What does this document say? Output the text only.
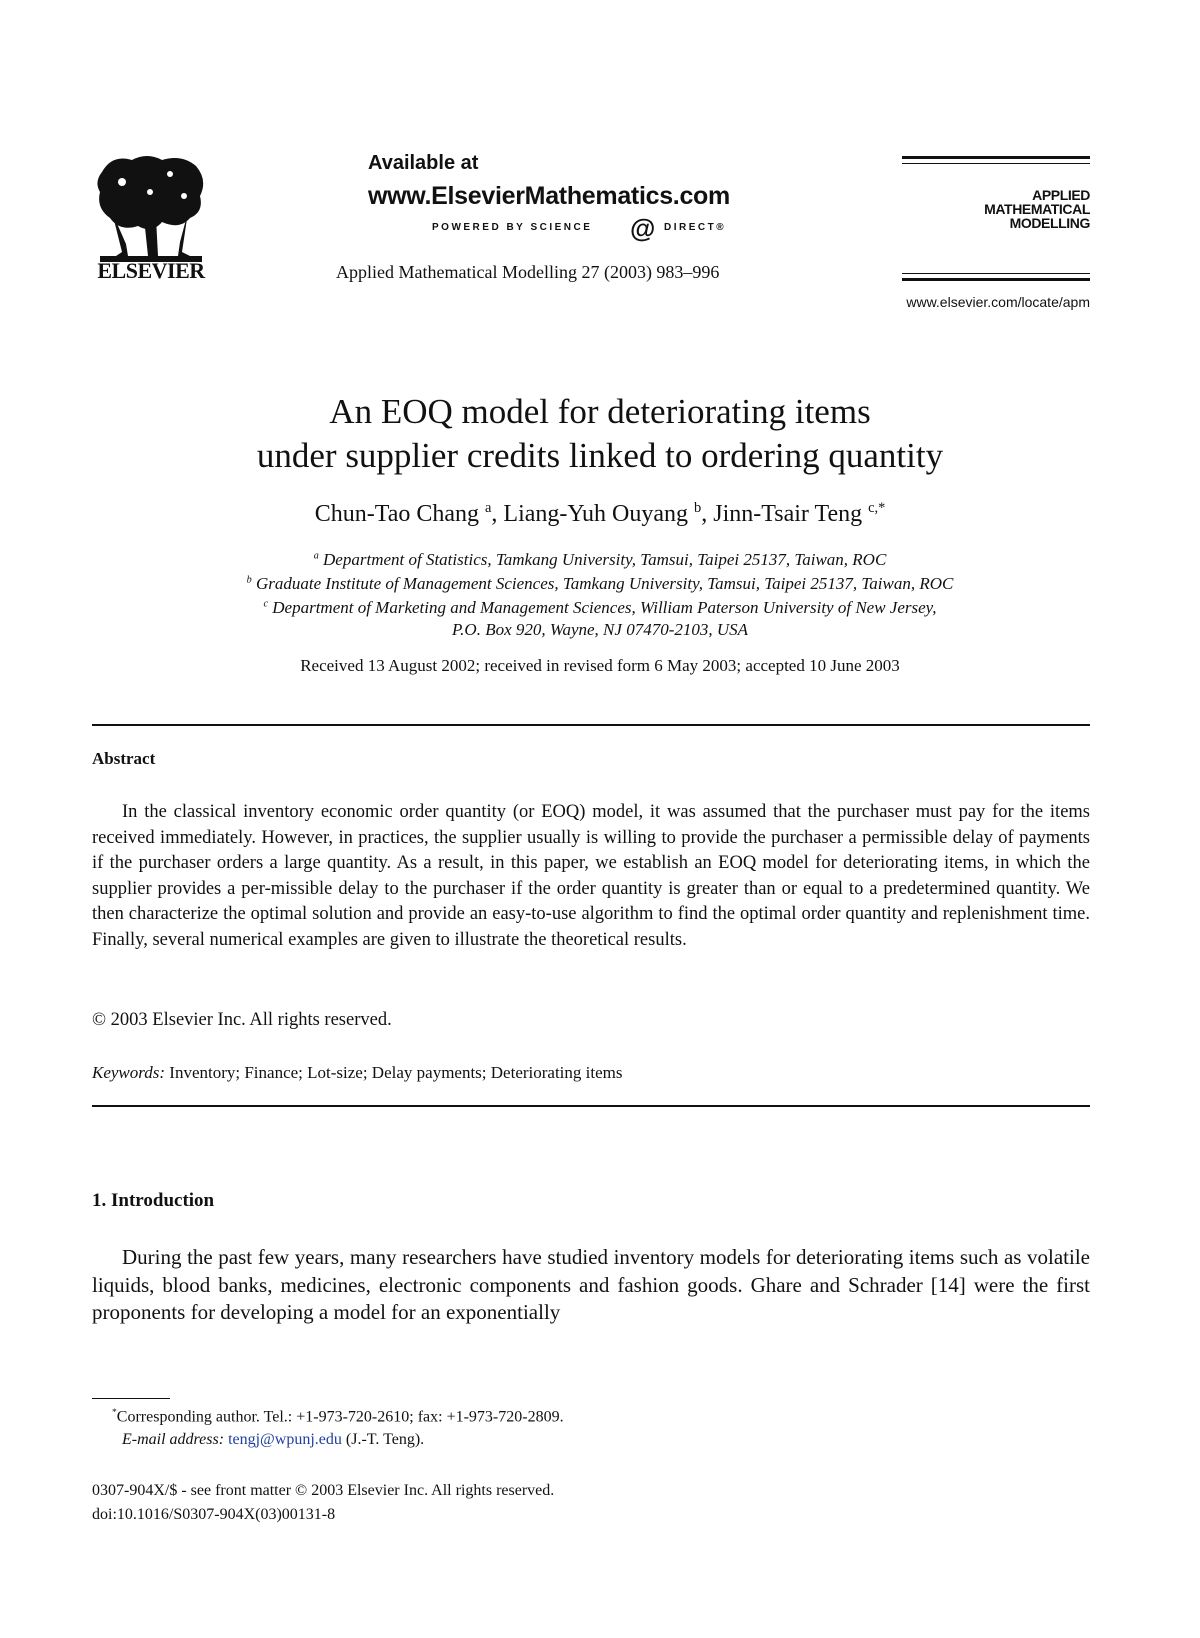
ELSEVIER
Available at
www.ElsevierMathematics.com
POWERED BY SCIENCE @ DIRECT®
Applied Mathematical Modelling 27 (2003) 983–996
APPLIED
MATHEMATICAL
MODELLING
www.elsevier.com/locate/apm
An EOQ model for deteriorating items
under supplier credits linked to ordering quantity
Chun-Tao Chang $^a$, Liang-Yuh Ouyang $^b$, Jinn-Tsair Teng $^{c,*}$
$^a$ Department of Statistics, Tamkang University, Tamsui, Taipei 25137, Taiwan, ROC
$^b$ Graduate Institute of Management Sciences, Tamkang University, Tamsui, Taipei 25137, Taiwan, ROC
$^c$ Department of Marketing and Management Sciences, William Paterson University of New Jersey,
P.O. Box 920, Wayne, NJ 07470-2103, USA
Received 13 August 2002; received in revised form 6 May 2003; accepted 10 June 2003
Abstract
In the classical inventory economic order quantity (or EOQ) model, it was assumed that the purchaser must pay for the items received immediately. However, in practices, the supplier usually is willing to provide the purchaser a permissible delay of payments if the purchaser orders a large quantity. As a result, in this paper, we establish an EOQ model for deteriorating items, in which the supplier provides a per-missible delay to the purchaser if the order quantity is greater than or equal to a predetermined quantity. We then characterize the optimal solution and provide an easy-to-use algorithm to find the optimal order quantity and replenishment time. Finally, several numerical examples are given to illustrate the theoretical results.
© 2003 Elsevier Inc. All rights reserved.
Keywords: Inventory; Finance; Lot-size; Delay payments; Deteriorating items
1. Introduction
During the past few years, many researchers have studied inventory models for deteriorating items such as volatile liquids, blood banks, medicines, electronic components and fashion goods. Ghare and Schrader [14] were the first proponents for developing a model for an exponentially
*Corresponding author. Tel.: +1-973-720-2610; fax: +1-973-720-2809.
E-mail address: tengj@wpunj.edu (J.-T. Teng).
0307-904X/$ - see front matter © 2003 Elsevier Inc. All rights reserved.
doi:10.1016/S0307-904X(03)00131-8
